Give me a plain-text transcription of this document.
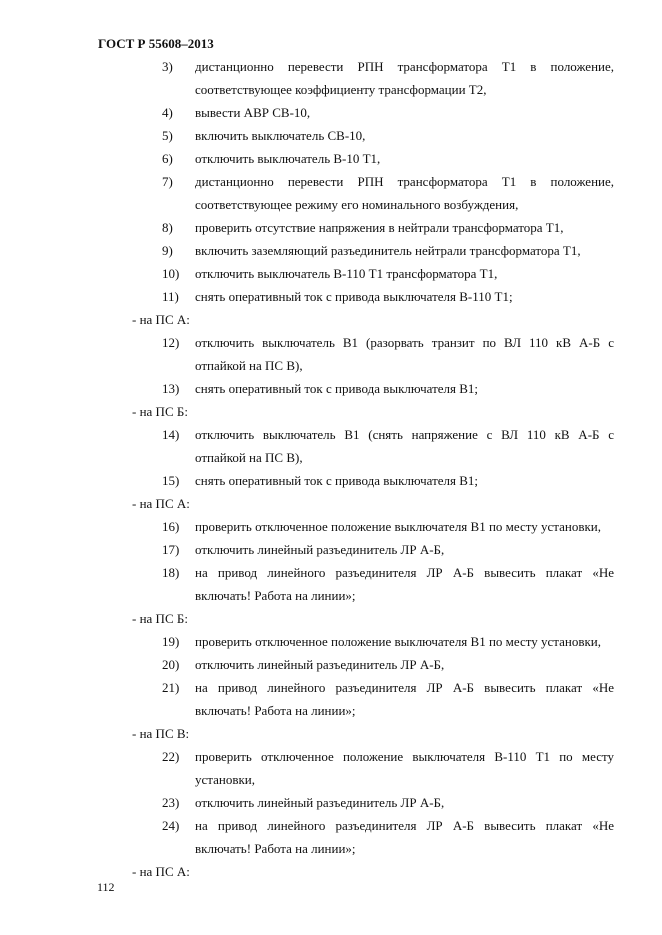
ГОСТ Р 55608–2013
3)	дистанционно перевести РПН трансформатора Т1 в положение,
соответствующее коэффициенту трансформации Т2,
4)	вывести АВР СВ-10,
5)	включить выключатель СВ-10,
6)	отключить выключатель В-10 Т1,
7)	дистанционно перевести РПН трансформатора Т1 в положение,
соответствующее режиму его номинального возбуждения,
8)	проверить отсутствие напряжения в нейтрали трансформатора Т1,
9)	включить заземляющий разъединитель нейтрали трансформатора Т1,
10)	отключить выключатель В-110 Т1 трансформатора Т1,
11)	снять оперативный ток с привода выключателя В-110 Т1;
- на ПС А:
12)	отключить выключатель В1 (разорвать транзит по ВЛ 110 кВ А-Б с
отпайкой на ПС В),
13)	снять оперативный ток с привода выключателя В1;
- на ПС Б:
14)	отключить выключатель В1 (снять напряжение с ВЛ 110 кВ А-Б с
отпайкой на ПС В),
15)	снять оперативный ток с привода выключателя В1;
- на ПС А:
16)	проверить отключенное положение выключателя В1 по месту установки,
17)	отключить линейный разъединитель ЛР А-Б,
18)	на привод линейного разъединителя ЛР А-Б вывесить плакат «Не
включать! Работа на линии»;
- на ПС Б:
19)	проверить отключенное положение выключателя В1 по месту установки,
20)	отключить линейный разъединитель ЛР А-Б,
21)	на привод линейного разъединителя ЛР А-Б вывесить плакат «Не
включать! Работа на линии»;
- на ПС В:
22)	проверить отключенное положение выключателя В-110 Т1 по месту
установки,
23)	отключить линейный разъединитель ЛР А-Б,
24)	на привод линейного разъединителя ЛР А-Б вывесить плакат «Не
включать! Работа на линии»;
- на ПС А:
112
